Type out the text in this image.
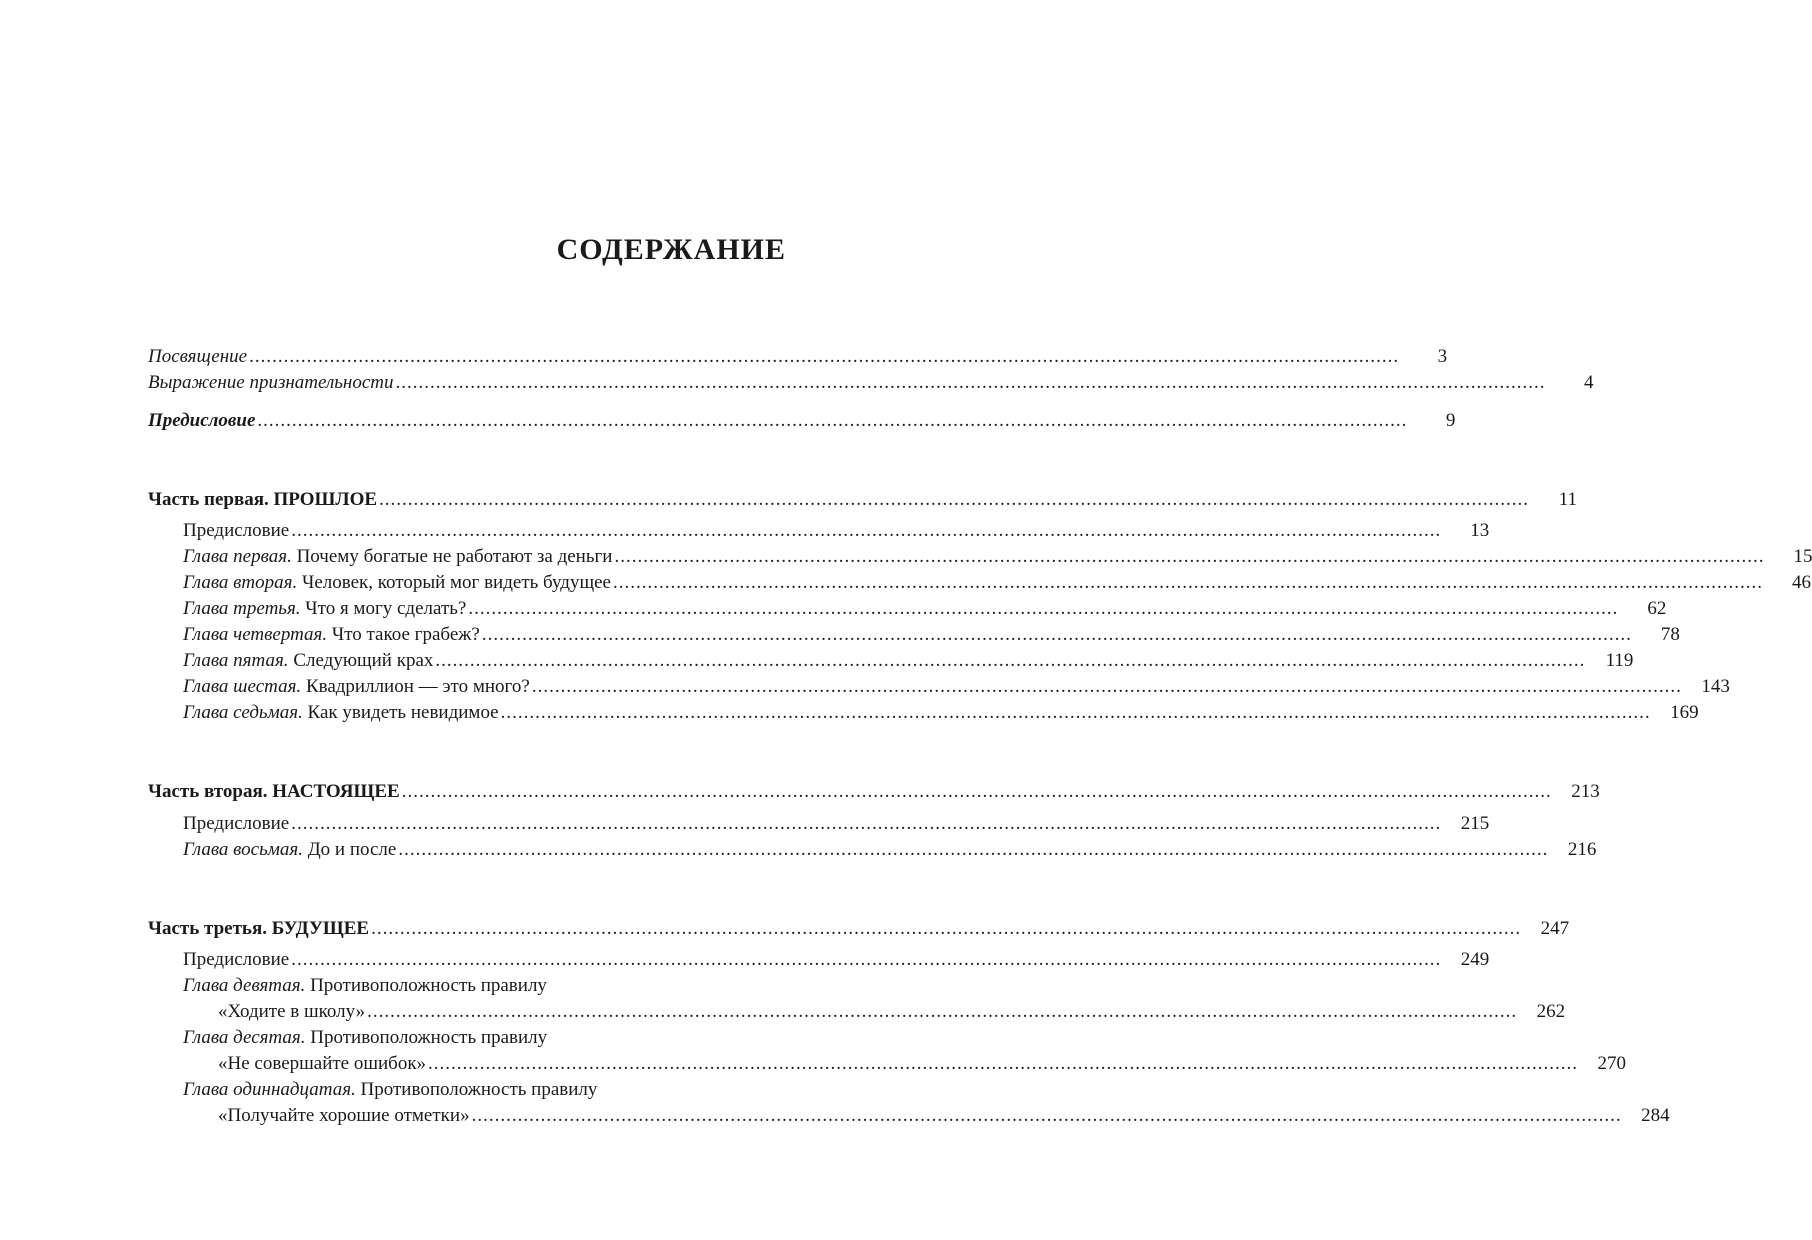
СОДЕРЖАНИЕ
Посвящение ........................................................................................................................................................................................................	3
Выражение признательности ........................................................................................................................................................................................................	4
Предисловие ........................................................................................................................................................................................................	9
Часть первая. ПРОШЛОЕ ........................................................................................................................................................................................................	11
Предисловие ........................................................................................................................................................................................................	13
Глава первая. Почему богатые не работают за деньги ........................................................................................................................................................................................................	15
Глава вторая. Человек, который мог видеть будущее ........................................................................................................................................................................................................	46
Глава третья. Что я могу сделать? ........................................................................................................................................................................................................	62
Глава четвертая. Что такое грабеж? ........................................................................................................................................................................................................	78
Глава пятая. Следующий крах ........................................................................................................................................................................................................	119
Глава шестая. Квадриллион — это много? ........................................................................................................................................................................................................	143
Глава седьмая. Как увидеть невидимое ........................................................................................................................................................................................................	169
Часть вторая. НАСТОЯЩЕЕ ........................................................................................................................................................................................................	213
Предисловие ........................................................................................................................................................................................................	215
Глава восьмая. До и после ........................................................................................................................................................................................................	216
Часть третья. БУДУЩЕЕ ........................................................................................................................................................................................................	247
Предисловие ........................................................................................................................................................................................................	249
Глава девятая. Противоположность правилу
«Ходите в школу» ........................................................................................................................................................................................................	262
Глава десятая. Противоположность правилу
«Не совершайте ошибок» ........................................................................................................................................................................................................	270
Глава одиннадцатая. Противоположность правилу
«Получайте хорошие отметки» ........................................................................................................................................................................................................	284
